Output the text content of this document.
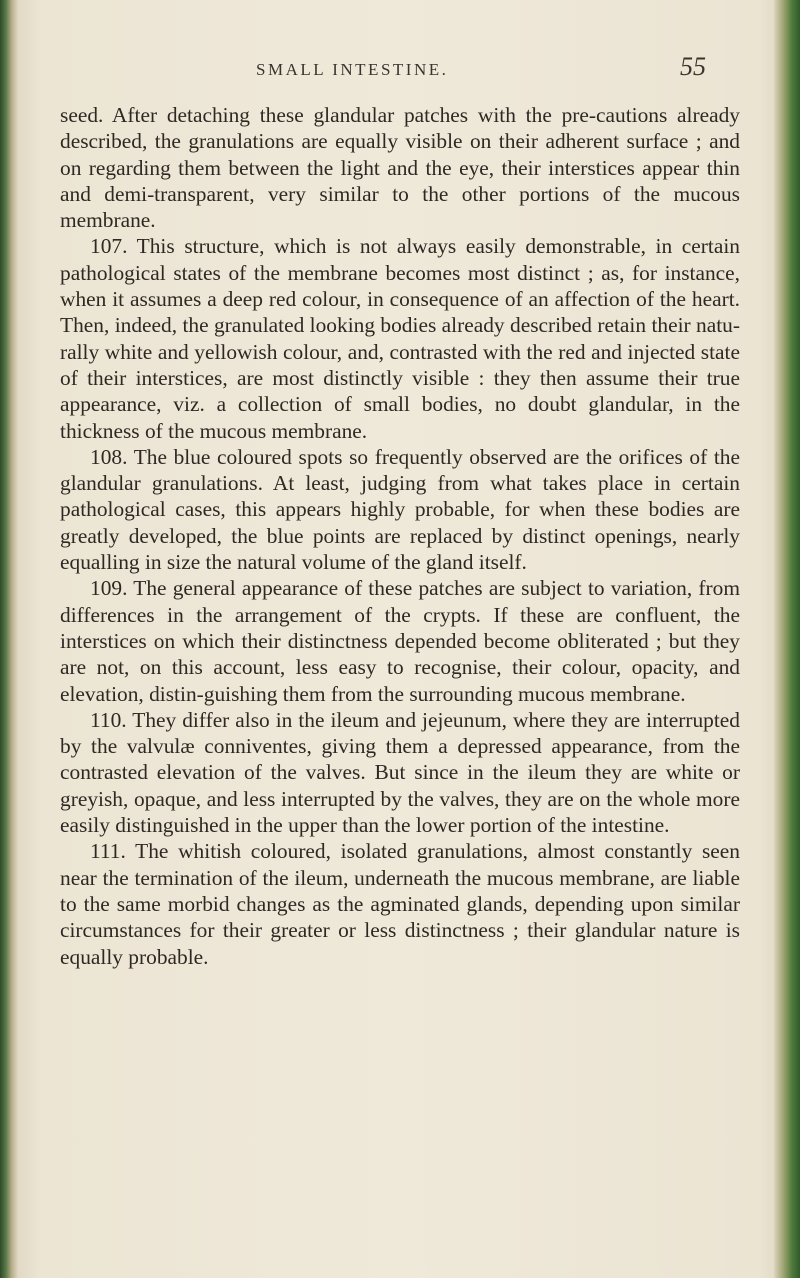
SMALL INTESTINE.	55

seed. After detaching these glandular patches with the pre-cautions already described, the granulations are equally visible on their adherent surface ; and on regarding them between the light and the eye, their interstices appear thin and demi-transparent, very similar to the other portions of the mucous membrane.

107. This structure, which is not always easily demonstrable, in certain pathological states of the membrane becomes most distinct ; as, for instance, when it assumes a deep red colour, in consequence of an affection of the heart. Then, indeed, the granulated looking bodies already described retain their natu-rally white and yellowish colour, and, contrasted with the red and injected state of their interstices, are most distinctly visible : they then assume their true appearance, viz. a collection of small bodies, no doubt glandular, in the thickness of the mucous membrane.

108. The blue coloured spots so frequently observed are the orifices of the glandular granulations. At least, judging from what takes place in certain pathological cases, this appears highly probable, for when these bodies are greatly developed, the blue points are replaced by distinct openings, nearly equalling in size the natural volume of the gland itself.

109. The general appearance of these patches are subject to variation, from differences in the arrangement of the crypts. If these are confluent, the interstices on which their distinctness depended become obliterated ; but they are not, on this account, less easy to recognise, their colour, opacity, and elevation, distin-guishing them from the surrounding mucous membrane.

110. They differ also in the ileum and jejeunum, where they are interrupted by the valvulæ conniventes, giving them a depressed appearance, from the contrasted elevation of the valves. But since in the ileum they are white or greyish, opaque, and less interrupted by the valves, they are on the whole more easily distinguished in the upper than the lower portion of the intestine.

111. The whitish coloured, isolated granulations, almost constantly seen near the termination of the ileum, underneath the mucous membrane, are liable to the same morbid changes as the agminated glands, depending upon similar circumstances for their greater or less distinctness ; their glandular nature is equally probable.
